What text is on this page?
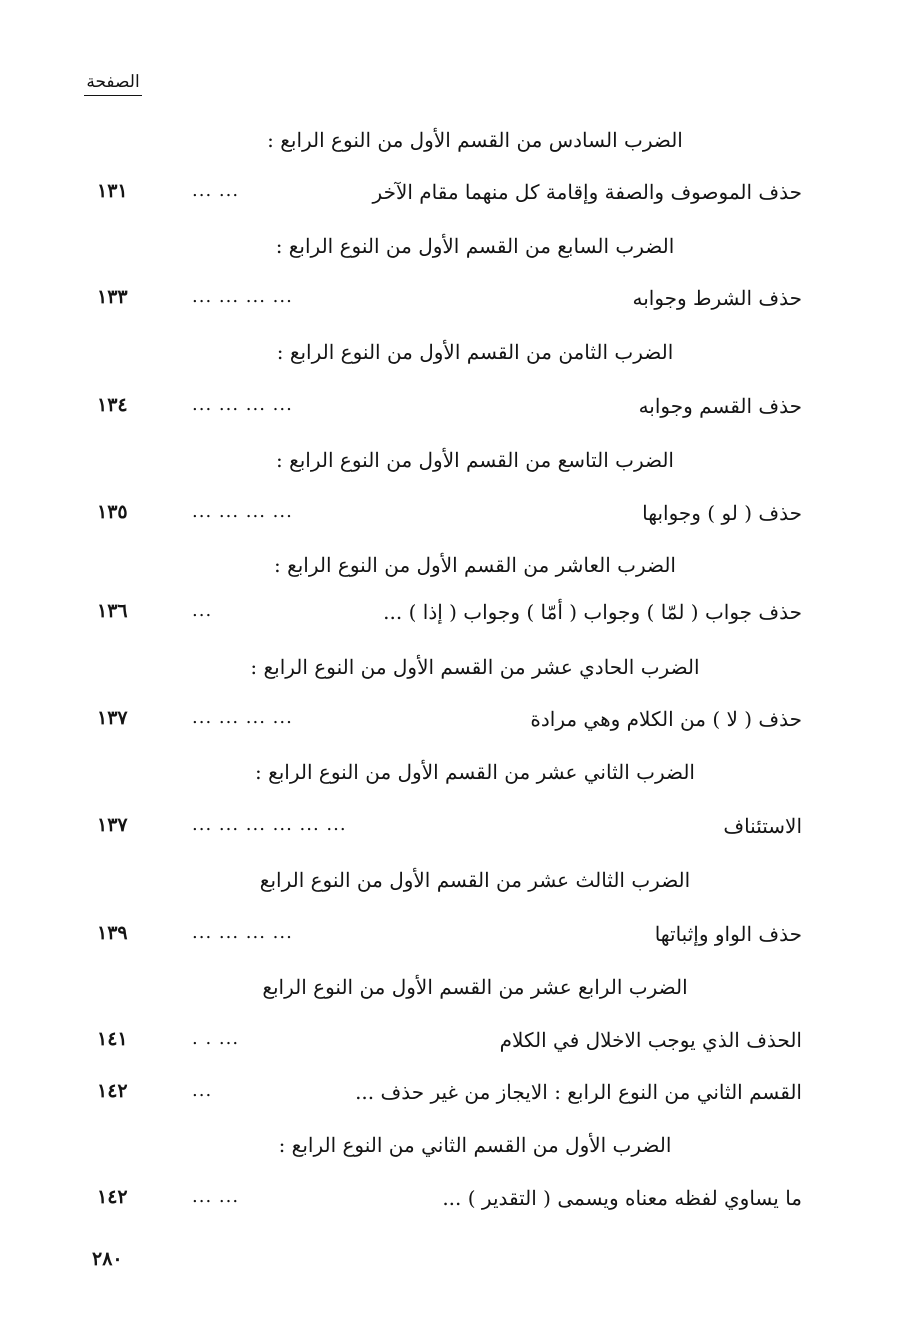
الصفحة
الضرب السادس من القسم الأول من النوع الرابع :
حذف الموصوف والصفة وإقامة كل منهما مقام الآخر
... ...
١٣١
الضرب السابع من القسم الأول من النوع الرابع :
حذف الشرط وجوابه
... ... ... ...
١٣٣
الضرب الثامن من القسم الأول من النوع الرابع :
حذف القسم وجوابه
... ... ... ...
١٣٤
الضرب التاسع من القسم الأول من النوع الرابع :
حذف ( لو ) وجوابها
... ... ... ...
١٣٥
الضرب العاشر من القسم الأول من النوع الرابع :
حذف جواب ( لمّا ) وجواب ( أمّا ) وجواب ( إذا ) ...
...
١٣٦
الضرب الحادي عشر من القسم الأول من النوع الرابع :
حذف ( لا ) من الكلام وهي مرادة
... ... ... ...
١٣٧
الضرب الثاني عشر من القسم الأول من النوع الرابع :
الاستئناف
... ... ... ... ... ...
١٣٧
الضرب الثالث عشر من القسم الأول من النوع الرابع
حذف الواو وإثباتها
... ... ... ...
١٣٩
الضرب الرابع عشر من القسم الأول من النوع الرابع
الحذف الذي يوجب الاخلال في الكلام
. . ...
١٤١
القسم الثاني من النوع الرابع : الايجاز من غير حذف ...
...
١٤٢
الضرب الأول من القسم الثاني من النوع الرابع :
ما يساوي لفظه معناه ويسمى ( التقدير ) ...
... ...
١٤٢
٢٨٠
